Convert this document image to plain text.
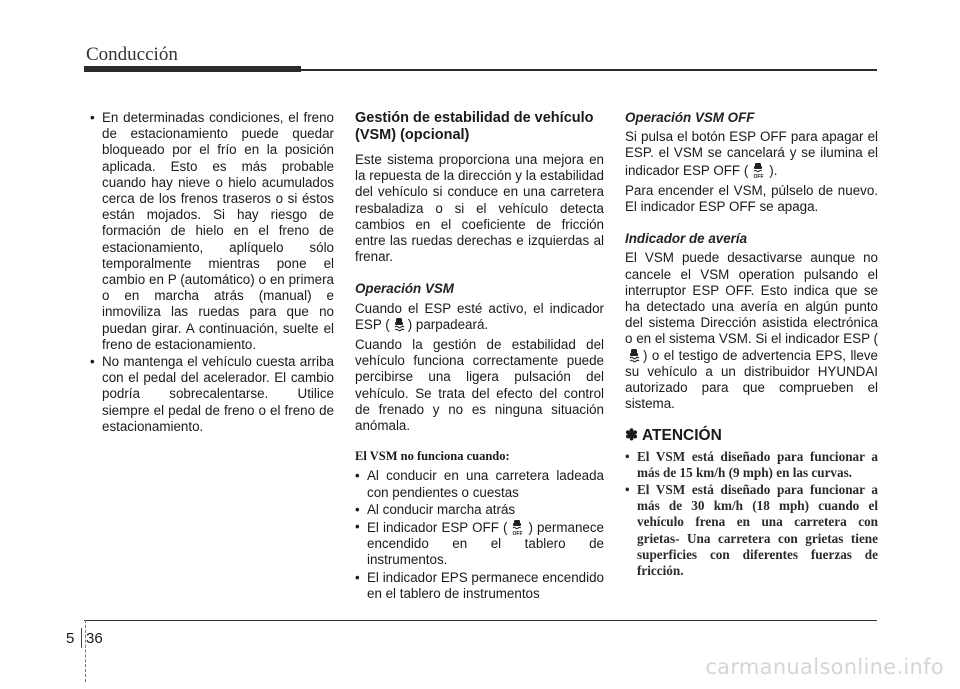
Conducción
• En determinadas condiciones, el freno de estacionamiento puede quedar bloqueado por el frío en la posición aplicada. Esto es más probable cuando hay nieve o hielo acumulados cerca de los frenos traseros o si éstos están mojados. Si hay riesgo de formación de hielo en el freno de estacionamiento, aplíquelo sólo temporalmente mientras pone el cambio en P (automático) o en primera o en marcha atrás (manual) e inmoviliza las ruedas para que no puedan girar. A continuación, suelte el freno de estacionamiento.
• No mantenga el vehículo cuesta arriba con el pedal del acelerador. El cambio podría sobrecalentarse. Utilice siempre el pedal de freno o el freno de estacionamiento.
Gestión de estabilidad de vehículo (VSM) (opcional)

Este sistema proporciona una mejora en la repuesta de la dirección y la estabilidad del vehículo si conduce en una carretera resbaladiza o si el vehículo detecta cambios en el coeficiente de fricción entre las ruedas derechas e izquierdas al frenar.

Operación VSM

Cuando el ESP esté activo, el indicador ESP ( ) parpadeará.

Cuando la gestión de estabilidad del vehículo funciona correctamente puede percibirse una ligera pulsación del vehículo. Se trata del efecto del control de frenado y no es ninguna situación anómala.

El VSM no funciona cuando:
• Al conducir en una carretera ladeada con pendientes o cuestas
• Al conducir marcha atrás
• El indicador ESP OFF ( OFF ) permanece encendido en el tablero de instrumentos.
• El indicador EPS permanece encendido en el tablero de instrumentos
Operación VSM OFF

Si pulsa el botón ESP OFF para apagar el ESP. el VSM se cancelará y se ilumina el indicador ESP OFF ( OFF ).

Para encender el VSM, púlselo de nuevo. El indicador ESP OFF se apaga.

Indicador de avería

El VSM puede desactivarse aunque no cancele el VSM operation pulsando el interruptor ESP OFF. Esto indica que se ha detectado una avería en algún punto del sistema Dirección asistida electrónica o en el sistema VSM. Si el indicador ESP (
) o el testigo de advertencia EPS, lleve su vehículo a un distribuidor HYUNDAI autorizado para que comprueben el sistema.

✽ ATENCIÓN
• El VSM está diseñado para funcionar a más de 15 km/h (9 mph) en las curvas.
• El VSM está diseñado para funcionar a más de 30 km/h (18 mph) cuando el vehículo frena en una carretera con grietas- Una carretera con grietas tiene superficies con diferentes fuerzas de fricción.
5 36
carmanualsonline.info
